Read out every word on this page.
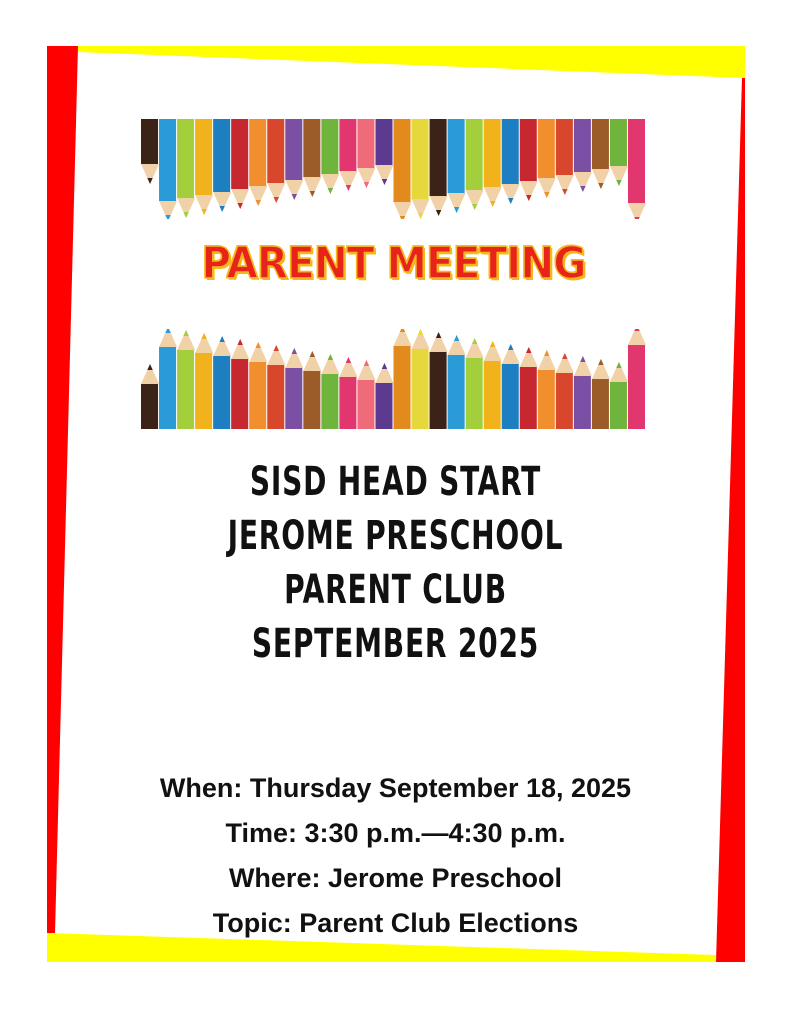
PARENT MEETING
SISD HEAD START
JEROME PRESCHOOL
PARENT CLUB
SEPTEMBER 2025
When: Thursday September 18, 2025
Time: 3:30 p.m.—4:30 p.m.
Where: Jerome Preschool
Topic: Parent Club Elections
